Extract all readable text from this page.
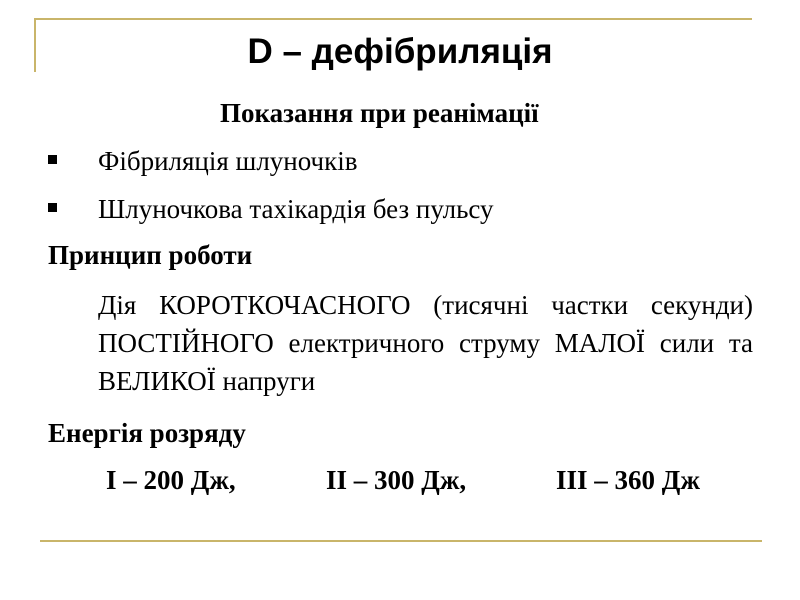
D – дефібриляція
Показання при реанімації
Фібриляція шлуночків
Шлуночкова тахікардія без пульсу
Принцип роботи
Дія КОРОТКОЧАСНОГО (тисячні частки секунди) ПОСТІЙНОГО електричного струму МАЛОЇ сили та ВЕЛИКОЇ напруги
Енергія розряду
I – 200 Дж,	II – 300 Дж,	III – 360 Дж
